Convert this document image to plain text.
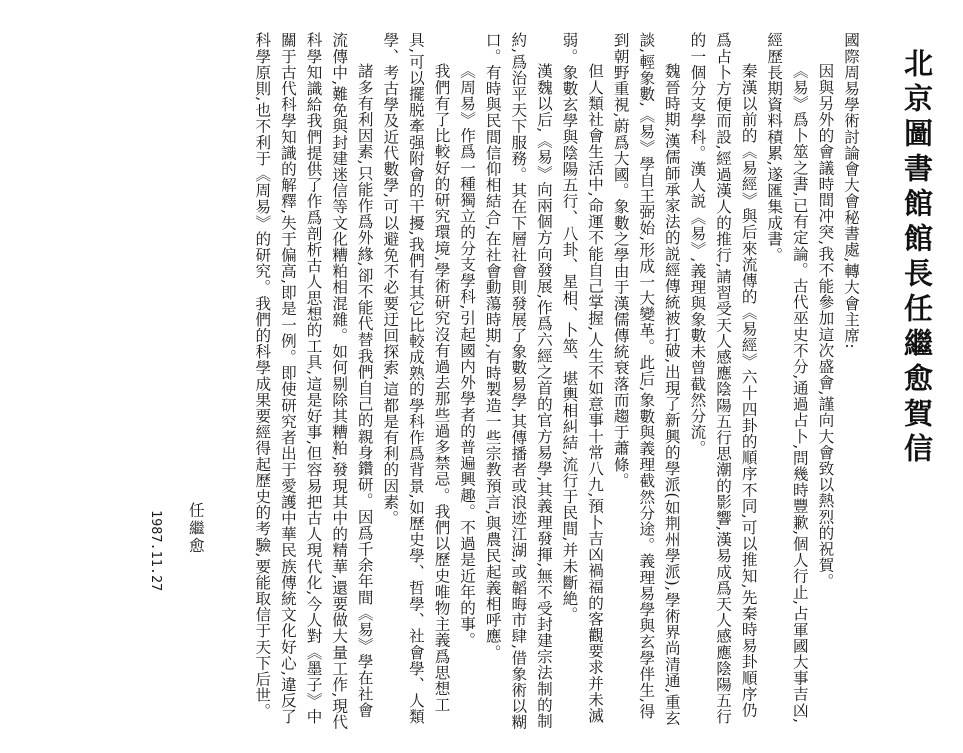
北京圖書館館長任繼愈賀信

國際周易學術討論會大會秘書處,轉大會主席:

因與另外的會議時間冲突,我不能參加這次盛會,謹向大會致以熱烈的祝賀。

《易》爲卜筮之書,已有定論。古代巫史不分,通過占卜,問幾時豐歉,個人行止,占軍國大事吉凶,經歷長期資料積累,遂匯集成書。

秦漢以前的《易經》與后來流傳的《易經》六十四卦的順序不同,可以推知,先秦時易卦順序仍爲占卜方便而設,經過漢人的推行,請習受天人感應陰陽五行思潮的影響,漢易成爲天人感應陰陽五行的一個分支學科。漢人説《易》,義理與象數未曾截然分流。

魏晉時期,漢儒師承家法的説經傳統被打破,出現了新興的學派(如荆州學派),學術界尚清通,重玄談,輕象數,《易》學自王弼始,形成一大變革。此后,象數與義理截然分途。義理易學與玄學伴生,得到朝野重視,蔚爲大國。象數之學由于漢儒傳統衰落而趨于蕭條。

但人類社會生活中,命運不能自己掌握,人生不如意事十常八九,預卜吉凶禍福的客觀要求并未滅弱。象數玄學與陰陽五行、八卦、星相、卜筮、堪輿相糾結,流行于民間,并未斷絶。

漢魏以后,《易》向兩個方向發展,作爲六經之首的官方易學,其義理發揮,無不受封建宗法制的制約,爲治平天下服務。其在下層社會則發展了象數易學,其傳播者或浪迹江湖,或韜晦市肆,借象術以糊口。有時與民間信仰相結合,在社會動蕩時期,有時製造一些宗教預言,與農民起義相呼應。

《周易》作爲一種獨立的分支學科,引起國内外學者的普遍興趣。不過是近年的事。

我們有了比較好的研究環境,學術研究沒有過去那些過多禁忌。我們以歷史唯物主義爲思想工具,可以擺脱牽强附會的干擾,我們有其它比較成熟的學科作爲背景,如歷史學、哲學、社會學、人類學、考古學及近代數學,可以避免不必要迂回探索,這都是有利的因素。

諸多有利因素,只能作爲外緣,卻不能代替我們自己的親身鑽研。因爲千余年間《易》學在社會流傳中,難免與封建迷信等文化糟粕相混雜。如何剔除其糟粕,發現其中的精華,還要做大量工作,現代科學知識給我們提供了作爲剖析古人思想的工具,這是好事,但容易把古人現代化,今人對《墨子》中關于古代科學知識的解釋,失于偏高,即是一例。即使研究者出于愛護中華民族傳統文化好心,違反了科學原則,也不利于《周易》的研究。我們的科學成果要經得起歷史的考驗,要能取信于天下后世。

任繼愈
1987.11.27
